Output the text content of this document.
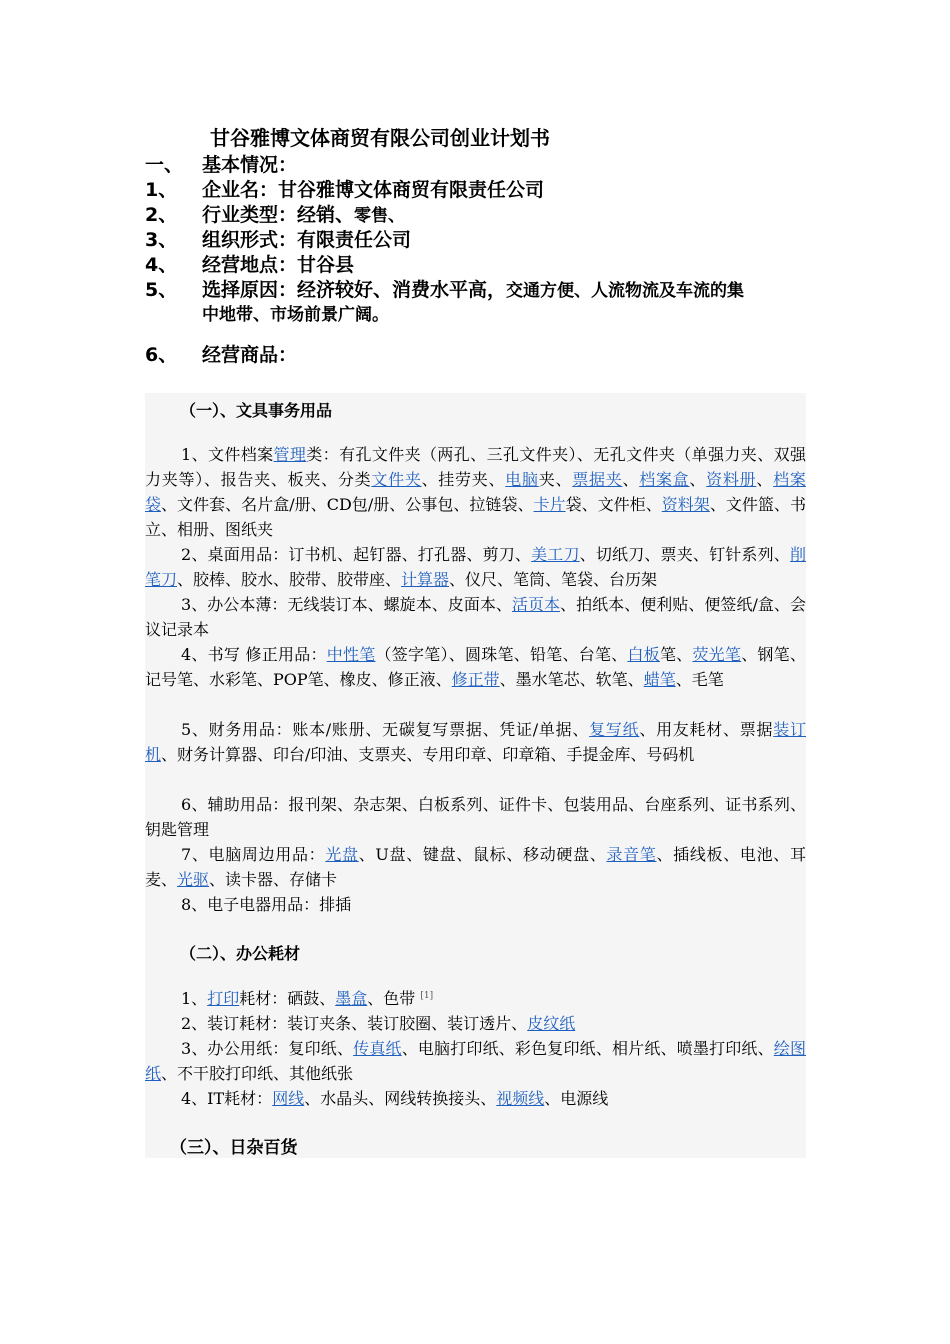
甘谷雅博文体商贸有限公司创业计划书
一、 基本情况：
1、 企业名：甘谷雅博文体商贸有限责任公司
2、 行业类型：经销、零售、
3、 组织形式：有限责任公司
4、 经营地点：甘谷县
5、 选择原因：经济较好、消费水平高，交通方便、人流物流及车流的集
中地带、市场前景广阔。
6、 经营商品：
（一）、文具事务用品
1、文件档案管理类：有孔文件夹（两孔、三孔文件夹）、无孔文件夹（单强力夹、双强力夹等）、报告夹、板夹、分类文件夹、挂劳夹、电脑夹、票据夹、档案盒、资料册、档案袋、文件套、名片盒/册、CD包/册、公事包、拉链袋、卡片袋、文件柜、资料架、文件篮、书立、相册、图纸夹
2、桌面用品：订书机、起钉器、打孔器、剪刀、美工刀、切纸刀、票夹、钉针系列、削笔刀、胶棒、胶水、胶带、胶带座、计算器、仪尺、笔筒、笔袋、台历架
3、办公本薄：无线装订本、螺旋本、皮面本、活页本、拍纸本、便利贴、便签纸/盒、会议记录本
4、书写 修正用品：中性笔（签字笔）、圆珠笔、铅笔、台笔、白板笔、荧光笔、钢笔、记号笔、水彩笔、POP笔、橡皮、修正液、修正带、墨水笔芯、软笔、蜡笔、毛笔
5、财务用品：账本/账册、无碳复写票据、凭证/单据、复写纸、用友耗材、票据装订机、财务计算器、印台/印油、支票夹、专用印章、印章箱、手提金库、号码机
6、辅助用品：报刊架、杂志架、白板系列、证件卡、包装用品、台座系列、证书系列、钥匙管理
7、电脑周边用品：光盘、U盘、键盘、鼠标、移动硬盘、录音笔、插线板、电池、耳麦、光驱、读卡器、存储卡
8、电子电器用品：排插
（二）、办公耗材
1、打印耗材：硒鼓、墨盒、色带 [1]
2、装订耗材：装订夹条、装订胶圈、装订透片、皮纹纸
3、办公用纸：复印纸、传真纸、电脑打印纸、彩色复印纸、相片纸、喷墨打印纸、绘图纸、不干胶打印纸、其他纸张
4、IT耗材：网线、水晶头、网线转换接头、视频线、电源线
（三）、日杂百货
